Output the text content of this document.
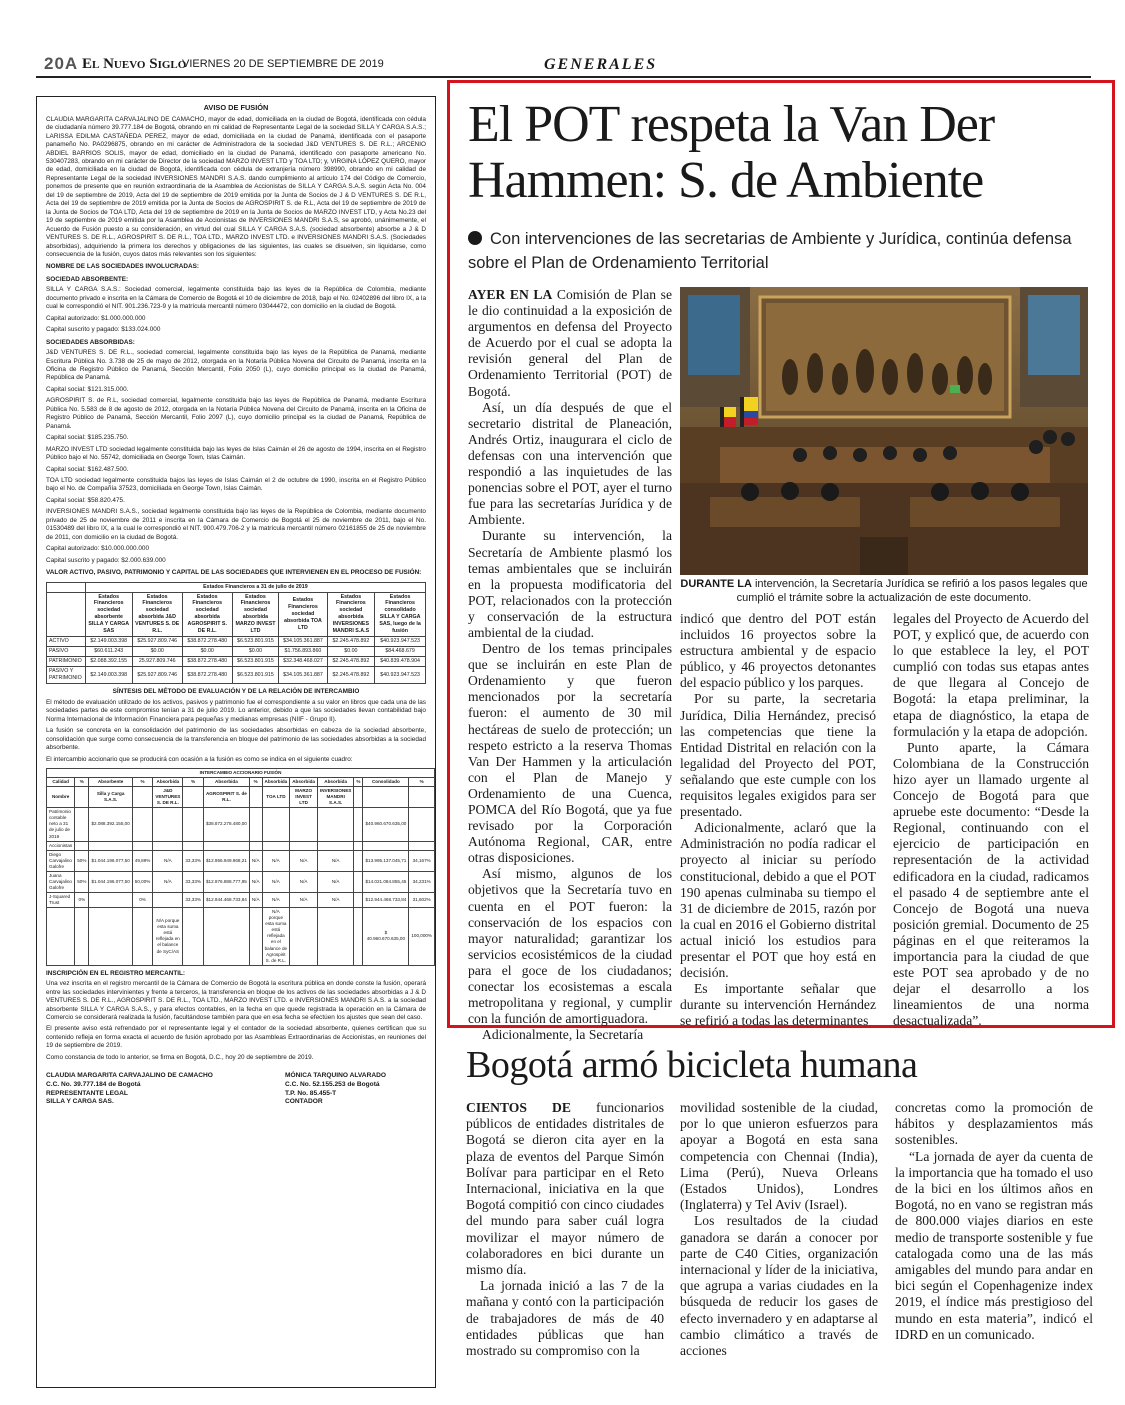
20A El Nuevo Siglo
VIERNES 20 DE SEPTIEMBRE DE 2019	GENERALES
AVISO DE FUSIÓN
CLAUDIA MARGARITA CARVAJALINO DE CAMACHO, mayor de edad, domiciliada en la ciudad de Bogotá, identificada con cédula de ciudadanía número 39.777.184 de Bogotá, obrando en mi calidad de Representante Legal de la sociedad SILLA Y CARGA S.A.S.; LARISSA EDILMA CASTAÑEDA PEREZ, mayor de edad, domiciliada en la ciudad de Panamá, identificada con el pasaporte panameño No. PA0296875, obrando en mi carácter de Administradora de la sociedad J&D VENTURES S. DE R.L.; ARCENIO ABDIEL BARRIOS SOLIS, mayor de edad, domiciliado en la ciudad de Panamá, identificado con pasaporte americano No. 530407283, obrando en mi carácter de Director de la sociedad MARZO INVEST LTD y TOA LTD; y, VIRGINA LÓPEZ QUERO, mayor de edad, domiciliada en la ciudad de Bogotá, identificada con cédula de extranjería número 398990, obrando en mi calidad de Representante Legal de la sociedad INVERSIONES MANDRI S.A.S. dando cumplimiento al artículo 174 del Código de Comercio, ponemos de presente que en reunión extraordinaria de la Asamblea de Accionistas de SILLA Y CARGA S.A.S. según Acta No. 004 del 19 de septiembre de 2019, Acta del 19 de septiembre de 2019 emitida por la Junta de Socios de J & D VENTURES S. DE R.L, Acta del 19 de septiembre de 2019 emitida por la Junta de Socios de AGROSPIRIT S. de R.L, Acta del 19 de septiembre de 2019 de la Junta de Socios de TOA LTD, Acta del 19 de septiembre de 2019 en la Junta de Socios de MARZO INVEST LTD, y Acta No.23 del 19 de septiembre de 2019 emitida por la Asamblea de Accionistas de INVERSIONES MANDRI S.A.S, se aprobó, unánimemente, el Acuerdo de Fusión puesto a su consideración, en virtud del cual SILLA Y CARGA S.A.S. (sociedad absorbente) absorbe a J & D VENTURES S. DE R.L., AGROSPIRIT S. DE R.L., TOA LTD., MARZO INVEST LTD. e INVERSIONES MANDRI S.A.S. (Sociedades absorbidas), adquiriendo la primera los derechos y obligaciones de las siguientes, las cuales se disuelven, sin liquidarse, como consecuencia de la fusión, cuyos datos más relevantes son los siguientes:
NOMBRE DE LAS SOCIEDADES INVOLUCRADAS:
SOCIEDAD ABSORBENTE:
SILLA Y CARGA S.A.S.: Sociedad comercial, legalmente constituida bajo las leyes de la República de Colombia, mediante documento privado e inscrita en la Cámara de Comercio de Bogotá el 10 de diciembre de 2018, bajo el No. 02402896 del libro IX, a la cual le correspondió el NIT. 901.236.723-9 y la matrícula mercantil número 03044472, con domicilio en la ciudad de Bogotá.
Capital autorizado: $1.000.000.000
Capital suscrito y pagado: $133.024.000
SOCIEDADES ABSORBIDAS:
J&D VENTURES S. DE R.L., sociedad comercial, legalmente constituida bajo las leyes de la República de Panamá, mediante Escritura Pública No. 3.738 de 25 de mayo de 2012, otorgada en la Notaría Pública Novena del Circuito de Panamá, inscrita en la Oficina de Registro Público de Panamá, Sección Mercantil, Folio 2050 (L), cuyo domicilio principal es la ciudad de Panamá, República de Panamá.
Capital social: $121.315.000.
AGROSPIRIT S. de R.L, sociedad comercial, legalmente constituida bajo las leyes de República de Panamá, mediante Escritura Pública No. 5.583 de 8 de agosto de 2012, otorgada en la Notaría Pública Novena del Circuito de Panamá, inscrita en la Oficina de Registro Público de Panamá, Sección Mercantil, Folio 2097 (L), cuyo domicilio principal es la ciudad de Panamá, República de Panamá.
Capital social: $185.235.750.
MARZO INVEST LTD sociedad legalmente constituida bajo las leyes de Islas Caimán el 26 de agosto de 1994, inscrita en el Registro Público bajo el No. 55742, domiciliada en George Town, Islas Caimán.
Capital social: $162.487.500.
TOA LTD sociedad legalmente constituida bajos las leyes de Islas Caimán el 2 de octubre de 1990, inscrita en el Registro Público bajo el No. de Compañía 37523, domiciliada en George Town, Islas Caimán.
Capital social: $58.820.475.
INVERSIONES MANDRI S.A.S., sociedad legalmente constituida bajo las leyes de la República de Colombia, mediante documento privado de 25 de noviembre de 2011 e inscrita en la Cámara de Comercio de Bogotá el 25 de noviembre de 2011, bajo el No. 01530489 del libro IX, a la cual le correspondió el NIT. 900.479.706-2 y la matrícula mercantil número 02161855 de 25 de noviembre de 2011, con domicilio en la ciudad de Bogotá.
Capital autorizado: $10.000.000.000
Capital suscrito y pagado: $2.000.639.000
VALOR ACTIVO, PASIVO, PATRIMONIO Y CAPITAL DE LAS SOCIEDADES QUE INTERVIENEN EN EL PROCESO DE FUSIÓN:
	Estados Financieros a 31 de julio de 2019						
	Estados Financieros sociedad absorbente SILLA Y CARGA SAS	Estados Financieros sociedad absorbida J&D VENTURES S. DE R.L.	Estados Financieros sociedad absorbida AGROSPIRIT S. DE R.L.	Estados Financieros sociedad absorbida MARZO INVEST LTD	Estados Financieros sociedad absorbida TOA LTD	Estados Financieros sociedad absorbida INVERSIONES MANDRI S.A.S	Estados Financieros consolidado SILLA Y CARGA SAS, luego de la fusión
ACTIVO	$2.149.003.398	$25.927.809.746	$38.872.278.480	$6.523.801.915	$34.105.361.887	$2.245.478.892	$40.923.947.523
PASIVO	$60.611.243	$0.00	$0.00	$0.00	$1.756.893.860	$0.00	$84.468.679
PATRIMONIO	$2.088.392.155	25.927.809.746	$38.872.278.480	$6.523.801.915	$32.348.468.027	$2.245.478.892	$40.839.478.904
PASIVO Y PATRIMONIO	$2.149.003.398	$25.927.809.746	$38.872.278.480	$6.523.801.915	$34.105.361.887	$2.245.478.892	$40.923.947.523
SÍNTESIS DEL MÉTODO DE EVALUACIÓN Y DE LA RELACIÓN DE INTERCAMBIO
El método de evaluación utilizado de los activos, pasivos y patrimonio fue el correspondiente a su valor en libros que cada una de las sociedades partes de este compromiso tenían a 31 de julio 2019. Lo anterior, debido a que las sociedades llevan contabilidad bajo Norma Internacional de Información Financiera para pequeñas y medianas empresas (NIIF - Grupo II).
La fusión se concreta en la consolidación del patrimonio de las sociedades absorbidas en cabeza de la sociedad absorbente, consolidación que surge como consecuencia de la transferencia en bloque del patrimonio de las sociedades absorbidas a la sociedad absorbente.
El intercambio accionario que se producirá con ocasión a la fusión es como se indica en el siguiente cuadro:
INTERCAMBIO ACCIONARIO FUSIÓN													
Calidad	%	Absorbente	%	Absorbida	%	Absorbida	%	Absorbida	Absorbida	Absorbida	%	Consolidado	%
Nombre		Silla y Carga S.A.S.		J&D VENTURES S. DE R.L.		AGROSPIRIT S. de R.L.		TOA LTD	MARZO INVEST LTD	INVERSIONES MANDRI S.A.S.			
Patrimonio contable neto a 31 de julio de 2019		$2.088.392.155,00				$38.872.278.480,00						$40.960.670.635,00	
Accionistas													
Diego Carvajalino Galofre	50%	$1.044.196.077,50	49,89%	N/A	33,33%	$12.956.949.968,21	N/A	N/A	N/A	N/A		$13.995.137.045,71	34,167%
Juana Carvajalino Galofre	50%	$1.044.196.077,50	50,00%	N/A	33,33%	$12.976.888.777,95	N/A	N/A	N/A	N/A		$14.021.084.855,45	34,231%
J-Squared Trust	0%		0%		33,33%	$12.944.468.733,84	N/A	N/A	N/A	N/A		$12.944.468.733,84	31,602%
				N/A porque esta suma está reflejada en el balance de SyC/AS				N/A porque esta suma está reflejada en el balance de Agrospirit S. de R.L.				$ 40.960.670.635,00	100,000%
INSCRIPCIÓN EN EL REGISTRO MERCANTIL:
Una vez inscrita en el registro mercantil de la Cámara de Comercio de Bogotá la escritura pública en donde conste la fusión, operará entre las sociedades intervinientes y frente a terceros, la transferencia en bloque de los activos de las sociedades absorbidas a J & D VENTURES S. DE R.L., AGROSPIRIT S. DE R.L., TOA LTD., MARZO INVEST LTD. e INVERSIONES MANDRI S.A.S. a la sociedad absorbente SILLA Y CARGA S.A.S., y para efectos contables, en la fecha en que quede registrada la operación en la Cámara de Comercio se considerará realizada la fusión, facultándose también para que en esa fecha se efectúen los ajustes que sean del caso.
El presente aviso está refrendado por el representante legal y el contador de la sociedad absorbente, quienes certifican que su contenido refleja en forma exacta el acuerdo de fusión aprobado por las Asambleas Extraordinarias de Accionistas, en reuniones del 19 de septiembre de 2019.
Como constancia de todo lo anterior, se firma en Bogotá, D.C., hoy 20 de septiembre de 2019.
CLAUDIA MARGARITA CARVAJALINO DE CAMACHO
C.C. No. 39.777.184 de Bogotá
REPRESENTANTE LEGAL
SILLA Y CARGA SAS.
MÓNICA TARQUINO ALVARADO
C.C. No. 52.155.253 de Bogotá
T.P. No. 85.455-T
CONTADOR
El POT respeta la Van Der Hammen: S. de Ambiente
Con intervenciones de las secretarias de Ambiente y Jurídica, continúa defensa sobre el Plan de Ordenamiento Territorial

AYER EN LA Comisión de Plan se le dio continuidad a la exposición de argumentos en defensa del Proyecto de Acuerdo por el cual se adopta la revisión general del Plan de Ordenamiento Territorial (POT) de Bogotá.

Así, un día después de que el secretario distrital de Planeación, Andrés Ortiz, inaugurara el ciclo de defensas con una intervención que respondió a las inquietudes de las ponencias sobre el POT, ayer el turno fue para las secretarías Jurídica y de Ambiente.

Durante su intervención, la Secretaría de Ambiente plasmó los temas ambientales que se incluirán en la propuesta modificatoria del POT, relacionados con la protección y conservación de la estructura ambiental de la ciudad.

Dentro de los temas principales que se incluirán en este Plan de Ordenamiento y que fueron mencionados por la secretaría fueron: el aumento de 30 mil hectáreas de suelo de protección; un respeto estricto a la reserva Thomas Van Der Hammen y la articulación con el Plan de Manejo y Ordenamiento de una Cuenca, POMCA del Río Bogotá, que ya fue revisado por la Corporación Autónoma Regional, CAR, entre otras disposiciones.

Así mismo, algunos de los objetivos que la Secretaría tuvo en cuenta en el POT fueron: la conservación de los espacios con mayor naturalidad; garantizar los servicios ecosistémicos de la ciudad para el goce de los ciudadanos; conectar los ecosistemas a escala metropolitana y regional, y cumplir con la función de amortiguadora.

Adicionalmente, la Secretaría

DURANTE LA intervención, la Secretaría Jurídica se refirió a los pasos legales que cumplió el trámite sobre la actualización de este documento.

indicó que dentro del POT están incluidos 16 proyectos sobre la estructura ambiental y de espacio público, y 46 proyectos detonantes del espacio público y los parques.

Por su parte, la secretaria Jurídica, Dilia Hernández, precisó las competencias que tiene la Entidad Distrital en relación con la legalidad del Proyecto del POT, señalando que este cumple con los requisitos legales exigidos para ser presentado.

Adicionalmente, aclaró que la Administración no podía radicar el proyecto al iniciar su período constitucional, debido a que el POT 190 apenas culminaba su tiempo el 31 de diciembre de 2015, razón por la cual en 2016 el Gobierno distrital actual inició los estudios para presentar el POT que hoy está en decisión.

Es importante señalar que durante su intervención Hernández se refirió a todas las determinantes

legales del Proyecto de Acuerdo del POT, y explicó que, de acuerdo con lo que establece la ley, el POT cumplió con todas sus etapas antes de que llegara al Concejo de Bogotá: la etapa preliminar, la etapa de diagnóstico, la etapa de formulación y la etapa de adopción.

Punto aparte, la Cámara Colombiana de la Construcción hizo ayer un llamado urgente al Concejo de Bogotá para que apruebe este documento: “Desde la Regional, continuando con el ejercicio de participación en representación de la actividad edificadora en la ciudad, radicamos el pasado 4 de septiembre ante el Concejo de Bogotá una nueva posición gremial. Documento de 25 páginas en el que reiteramos la importancia para la ciudad de que este POT sea aprobado y de no dejar el desarrollo a los lineamientos de una norma desactualizada”.

Bogotá armó bicicleta humana

CIENTOS DE funcionarios públicos de entidades distritales de Bogotá se dieron cita ayer en la plaza de eventos del Parque Simón Bolívar para participar en el Reto Internacional, iniciativa en la que Bogotá compitió con cinco ciudades del mundo para saber cuál logra movilizar el mayor número de colaboradores en bici durante un mismo día.

La jornada inició a las 7 de la mañana y contó con la participación de trabajadores de más de 40 entidades públicas que han mostrado su compromiso con la

movilidad sostenible de la ciudad, por lo que unieron esfuerzos para apoyar a Bogotá en esta sana competencia con Chennai (India), Lima (Perú), Nueva Orleans (Estados Unidos), Londres (Inglaterra) y Tel Aviv (Israel).

Los resultados de la ciudad ganadora se darán a conocer por parte de C40 Cities, organización internacional y líder de la iniciativa, que agrupa a varias ciudades en la búsqueda de reducir los gases de efecto invernadero y en adaptarse al cambio climático a través de acciones

concretas como la promoción de hábitos y desplazamientos más sostenibles.

“La jornada de ayer da cuenta de la importancia que ha tomado el uso de la bici en los últimos años en Bogotá, no en vano se registran más de 800.000 viajes diarios en este medio de transporte sostenible y fue catalogada como una de las más amigables del mundo para andar en bici según el Copenhagenize index 2019, el índice más prestigioso del mundo en esta materia”, indicó el IDRD en un comunicado.
